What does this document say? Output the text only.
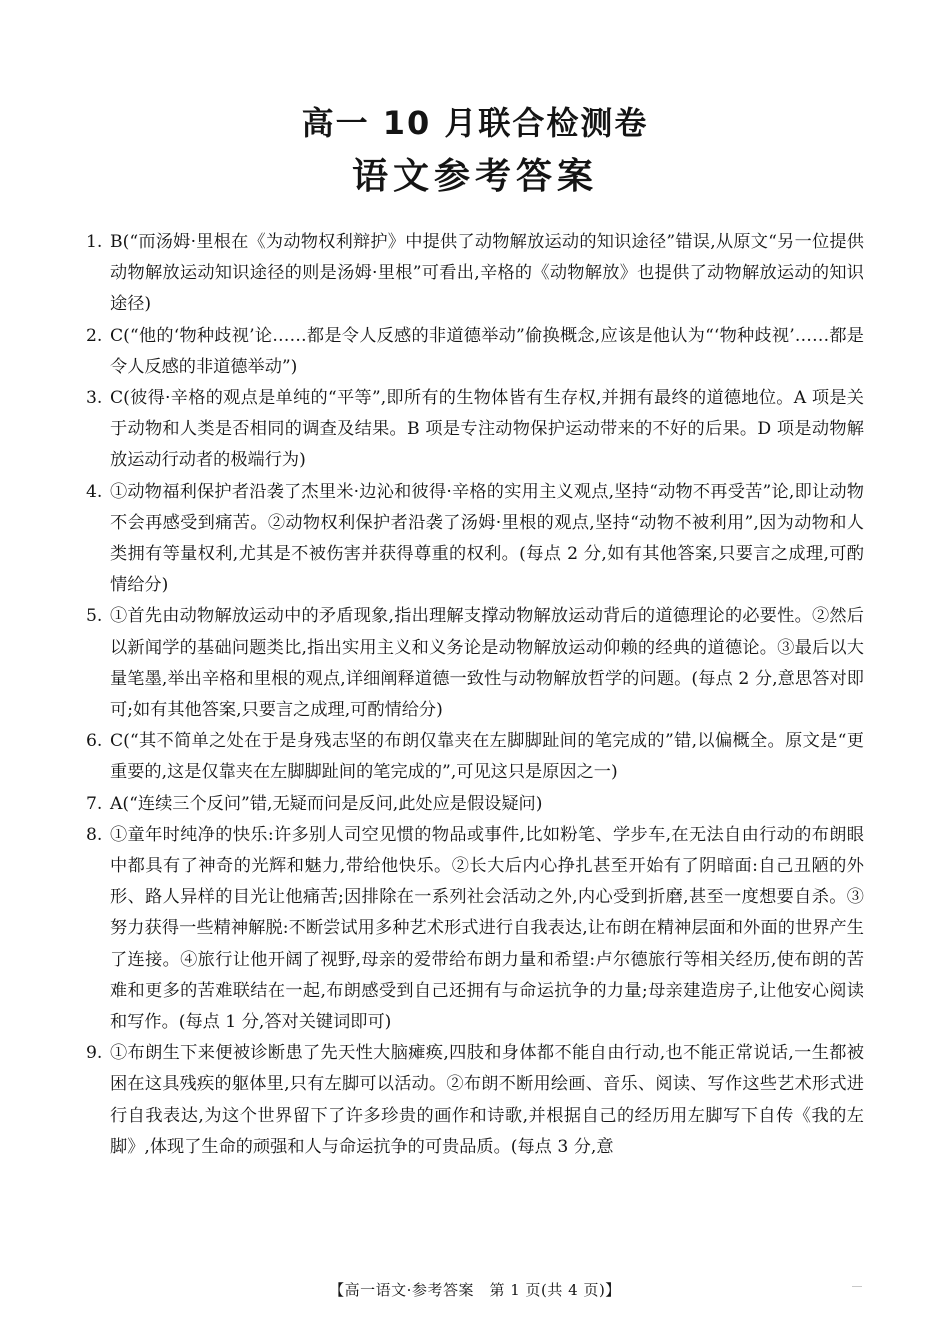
高一 10 月联合检测卷
语文参考答案
1. B(“而汤姆·里根在《为动物权利辩护》中提供了动物解放运动的知识途径”错误,从原文“另一位提供动物解放运动知识途径的则是汤姆·里根”可看出,辛格的《动物解放》也提供了动物解放运动的知识途径)
2. C(“他的‘物种歧视’论……都是令人反感的非道德举动”偷换概念,应该是他认为“‘物种歧视’……都是令人反感的非道德举动”)
3. C(彼得·辛格的观点是单纯的“平等”,即所有的生物体皆有生存权,并拥有最终的道德地位。A 项是关于动物和人类是否相同的调查及结果。B 项是专注动物保护运动带来的不好的后果。D 项是动物解放运动行动者的极端行为)
4. ①动物福利保护者沿袭了杰里米·边沁和彼得·辛格的实用主义观点,坚持“动物不再受苦”论,即让动物不会再感受到痛苦。②动物权利保护者沿袭了汤姆·里根的观点,坚持“动物不被利用”,因为动物和人类拥有等量权利,尤其是不被伤害并获得尊重的权利。(每点 2 分,如有其他答案,只要言之成理,可酌情给分)
5. ①首先由动物解放运动中的矛盾现象,指出理解支撑动物解放运动背后的道德理论的必要性。②然后以新闻学的基础问题类比,指出实用主义和义务论是动物解放运动仰赖的经典的道德论。③最后以大量笔墨,举出辛格和里根的观点,详细阐释道德一致性与动物解放哲学的问题。(每点 2 分,意思答对即可;如有其他答案,只要言之成理,可酌情给分)
6. C(“其不简单之处在于是身残志坚的布朗仅靠夹在左脚脚趾间的笔完成的”错,以偏概全。原文是“更重要的,这是仅靠夹在左脚脚趾间的笔完成的”,可见这只是原因之一)
7. A(“连续三个反问”错,无疑而问是反问,此处应是假设疑问)
8. ①童年时纯净的快乐:许多别人司空见惯的物品或事件,比如粉笔、学步车,在无法自由行动的布朗眼中都具有了神奇的光辉和魅力,带给他快乐。②长大后内心挣扎甚至开始有了阴暗面:自己丑陋的外形、路人异样的目光让他痛苦;因排除在一系列社会活动之外,内心受到折磨,甚至一度想要自杀。③努力获得一些精神解脱:不断尝试用多种艺术形式进行自我表达,让布朗在精神层面和外面的世界产生了连接。④旅行让他开阔了视野,母亲的爱带给布朗力量和希望:卢尔德旅行等相关经历,使布朗的苦难和更多的苦难联结在一起,布朗感受到自己还拥有与命运抗争的力量;母亲建造房子,让他安心阅读和写作。(每点 1 分,答对关键词即可)
9. ①布朗生下来便被诊断患了先天性大脑瘫痪,四肢和身体都不能自由行动,也不能正常说话,一生都被困在这具残疾的躯体里,只有左脚可以活动。②布朗不断用绘画、音乐、阅读、写作这些艺术形式进行自我表达,为这个世界留下了许多珍贵的画作和诗歌,并根据自己的经历用左脚写下自传《我的左脚》,体现了生命的顽强和人与命运抗争的可贵品质。(每点 3 分,意
【高一语文·参考答案　第 1 页(共 4 页)】
